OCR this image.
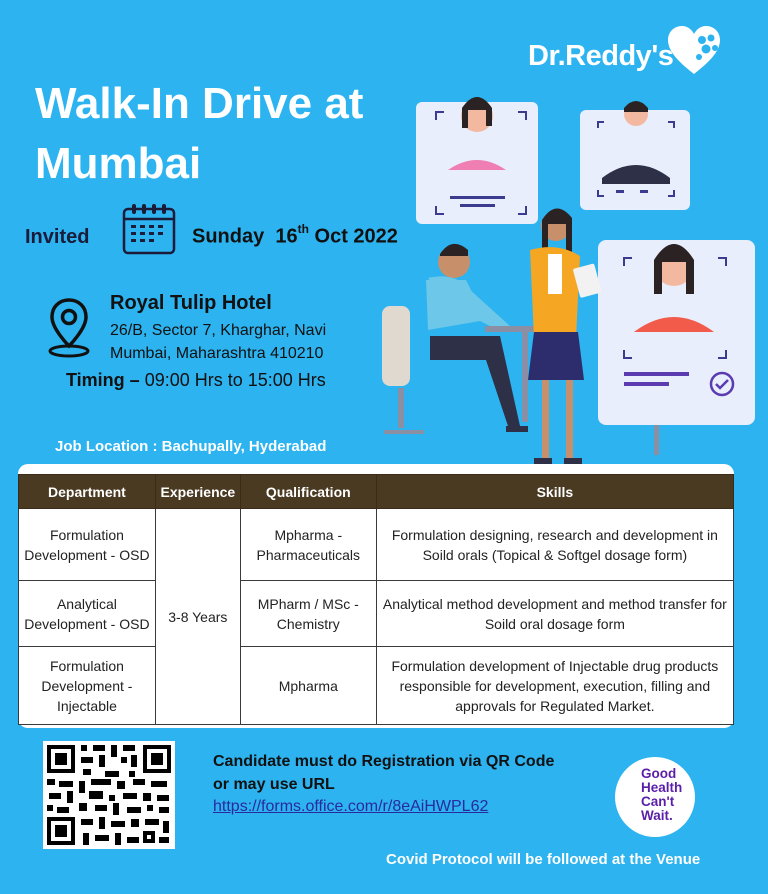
Dr.Reddy's
Walk-In Drive at Mumbai
Invited	Sunday 16th Oct 2022
Royal Tulip Hotel
26/B, Sector 7, Kharghar, Navi Mumbai, Maharashtra 410210
Timing – 09:00 Hrs to 15:00 Hrs
Job Location : Bachupally, Hyderabad
Department	Experience	Qualification	Skills
Formulation Development - OSD	3-8 Years	Mpharma - Pharmaceuticals	Formulation designing, research and development in Soild orals (Topical & Softgel dosage form)
Analytical Development - OSD		MPharm / MSc - Chemistry	Analytical method development and method transfer for Soild oral dosage form
Formulation Development - Injectable		Mpharma	Formulation development of Injectable drug products responsible for development, execution, filling and approvals for Regulated Market.
Candidate must do Registration via QR Code
or may use URL
https://forms.office.com/r/8eAiHWPL62
Good
Health
Can't
Wait.
Covid Protocol will be followed at the Venue
